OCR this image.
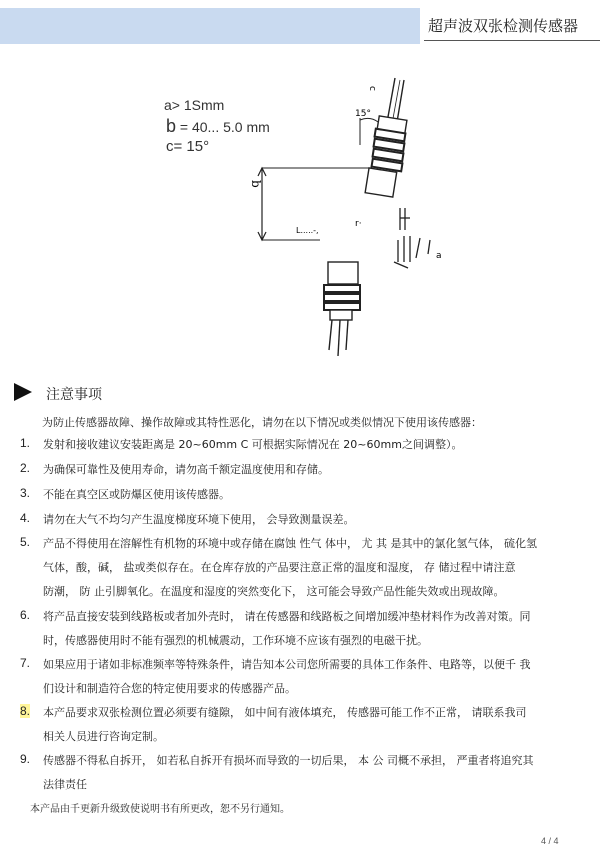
超声波双张检测传感器
a> 1Smm
b = 40... 5.0 mm
c= 15°
c
15°
b
L.....-,
r·
a
注意事项
为防止传感器故障、操作故障或其特性恶化，请勿在以下情况或类似情况下使用该传感器：
1. 发射和接收建议安装距离是 20~60mm C 可根据实际情况在 20~60mm之间调整）。
2. 为确保可靠性及使用寿命，请勿高千额定温度使用和存储。
3. 不能在真空区或防爆区使用该传感器。
4. 请勿在大气不均匀产生温度梯度环境下使用， 会导致测量误差。
5. 产品不得使用在溶解性有机物的环境中或存储在腐蚀 性气 体中， 尤 其 是其中的氯化氢气体， 硫化氢
气体，酸，碱， 盐或类似存在。在仓库存放的产品要注意正常的温度和湿度， 存 储过程中请注意
防潮， 防 止引脚氧化。在温度和湿度的突然变化下， 这可能会导致产品性能失效或出现故障。
6. 将产品直接安装到线路板或者加外壳时， 请在传感器和线路板之间增加缓冲垫材料作为改善对策。同
时，传感器使用时不能有强烈的机械震动，工作环境不应该有强烈的电磁干扰。
7. 如果应用于诸如非标准频率等特殊条件，请告知本公司您所需要的具体工作条件、电路等，以便千 我
们设计和制造符合您的特定使用要求的传感器产品。
8. 本产品要求双张检测位置必须要有缝隙， 如中间有液体填充， 传感器可能工作不正常， 请联系我司
相关人员进行咨询定制。
9. 传感器不得私自拆开， 如若私自拆开有损坏而导致的一切后果， 本 公 司概不承担， 严重者将追究其
法律责任
本产品由千更新升级致使说明书有所更改，恕不另行通知。
4 / 4
